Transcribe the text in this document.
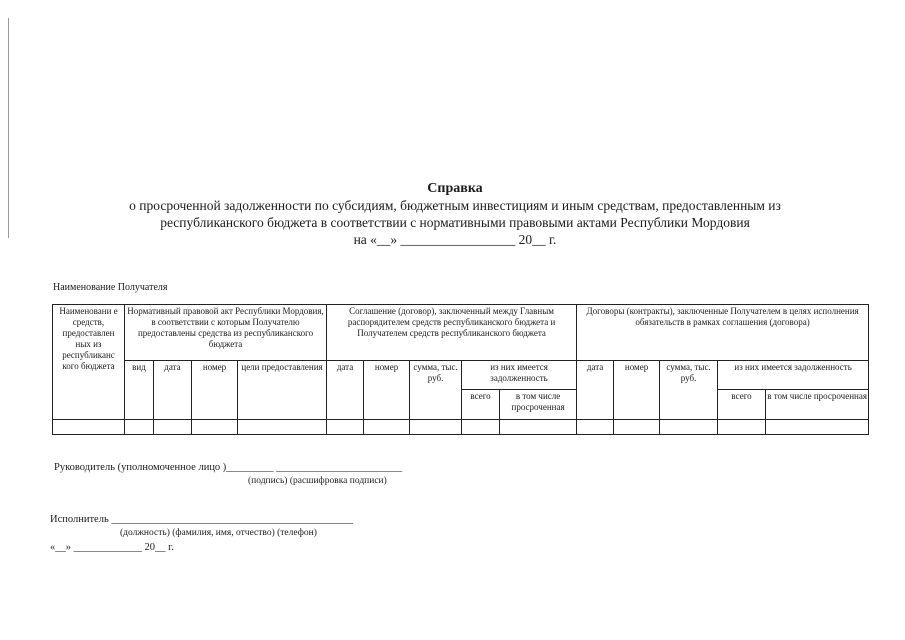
Справка
о просроченной задолженности по субсидиям, бюджетным инвестициям и иным средствам, предоставленным из
республиканского бюджета в соответствии с нормативными правовыми актами Республики Мордовия
на «__» _________________ 20__ г.
Наименование Получателя
Наименовани е средств, предоставлен ных из республиканс кого бюджета	Нормативный правовой акт Республики Мордовия, в соответствии с которым Получателю предоставлены средства из республиканского бюджета				Соглашение (договор), заключенный между Главным распорядителем средств республиканского бюджета и Получателем средств республиканского бюджета					Договоры (контракты), заключенные Получателем в целях исполнения обязательств в рамках соглашения (договора)				
	вид	дата	номер	цели предоставления	дата	номер	сумма, тыс. руб.	из них имеется задолженность		дата	номер	сумма, тыс. руб.	из них имеется задолженность	
								всего	в том числе просроченная				всего	в том числе просроченная

Руководитель (уполномоченное лицо )_________ ________________________
(подпись) (расшифровка подписи)
Исполнитель ______________________________________________
(должность) (фамилия, имя, отчество) (телефон)
«__» _____________ 20__ г.
